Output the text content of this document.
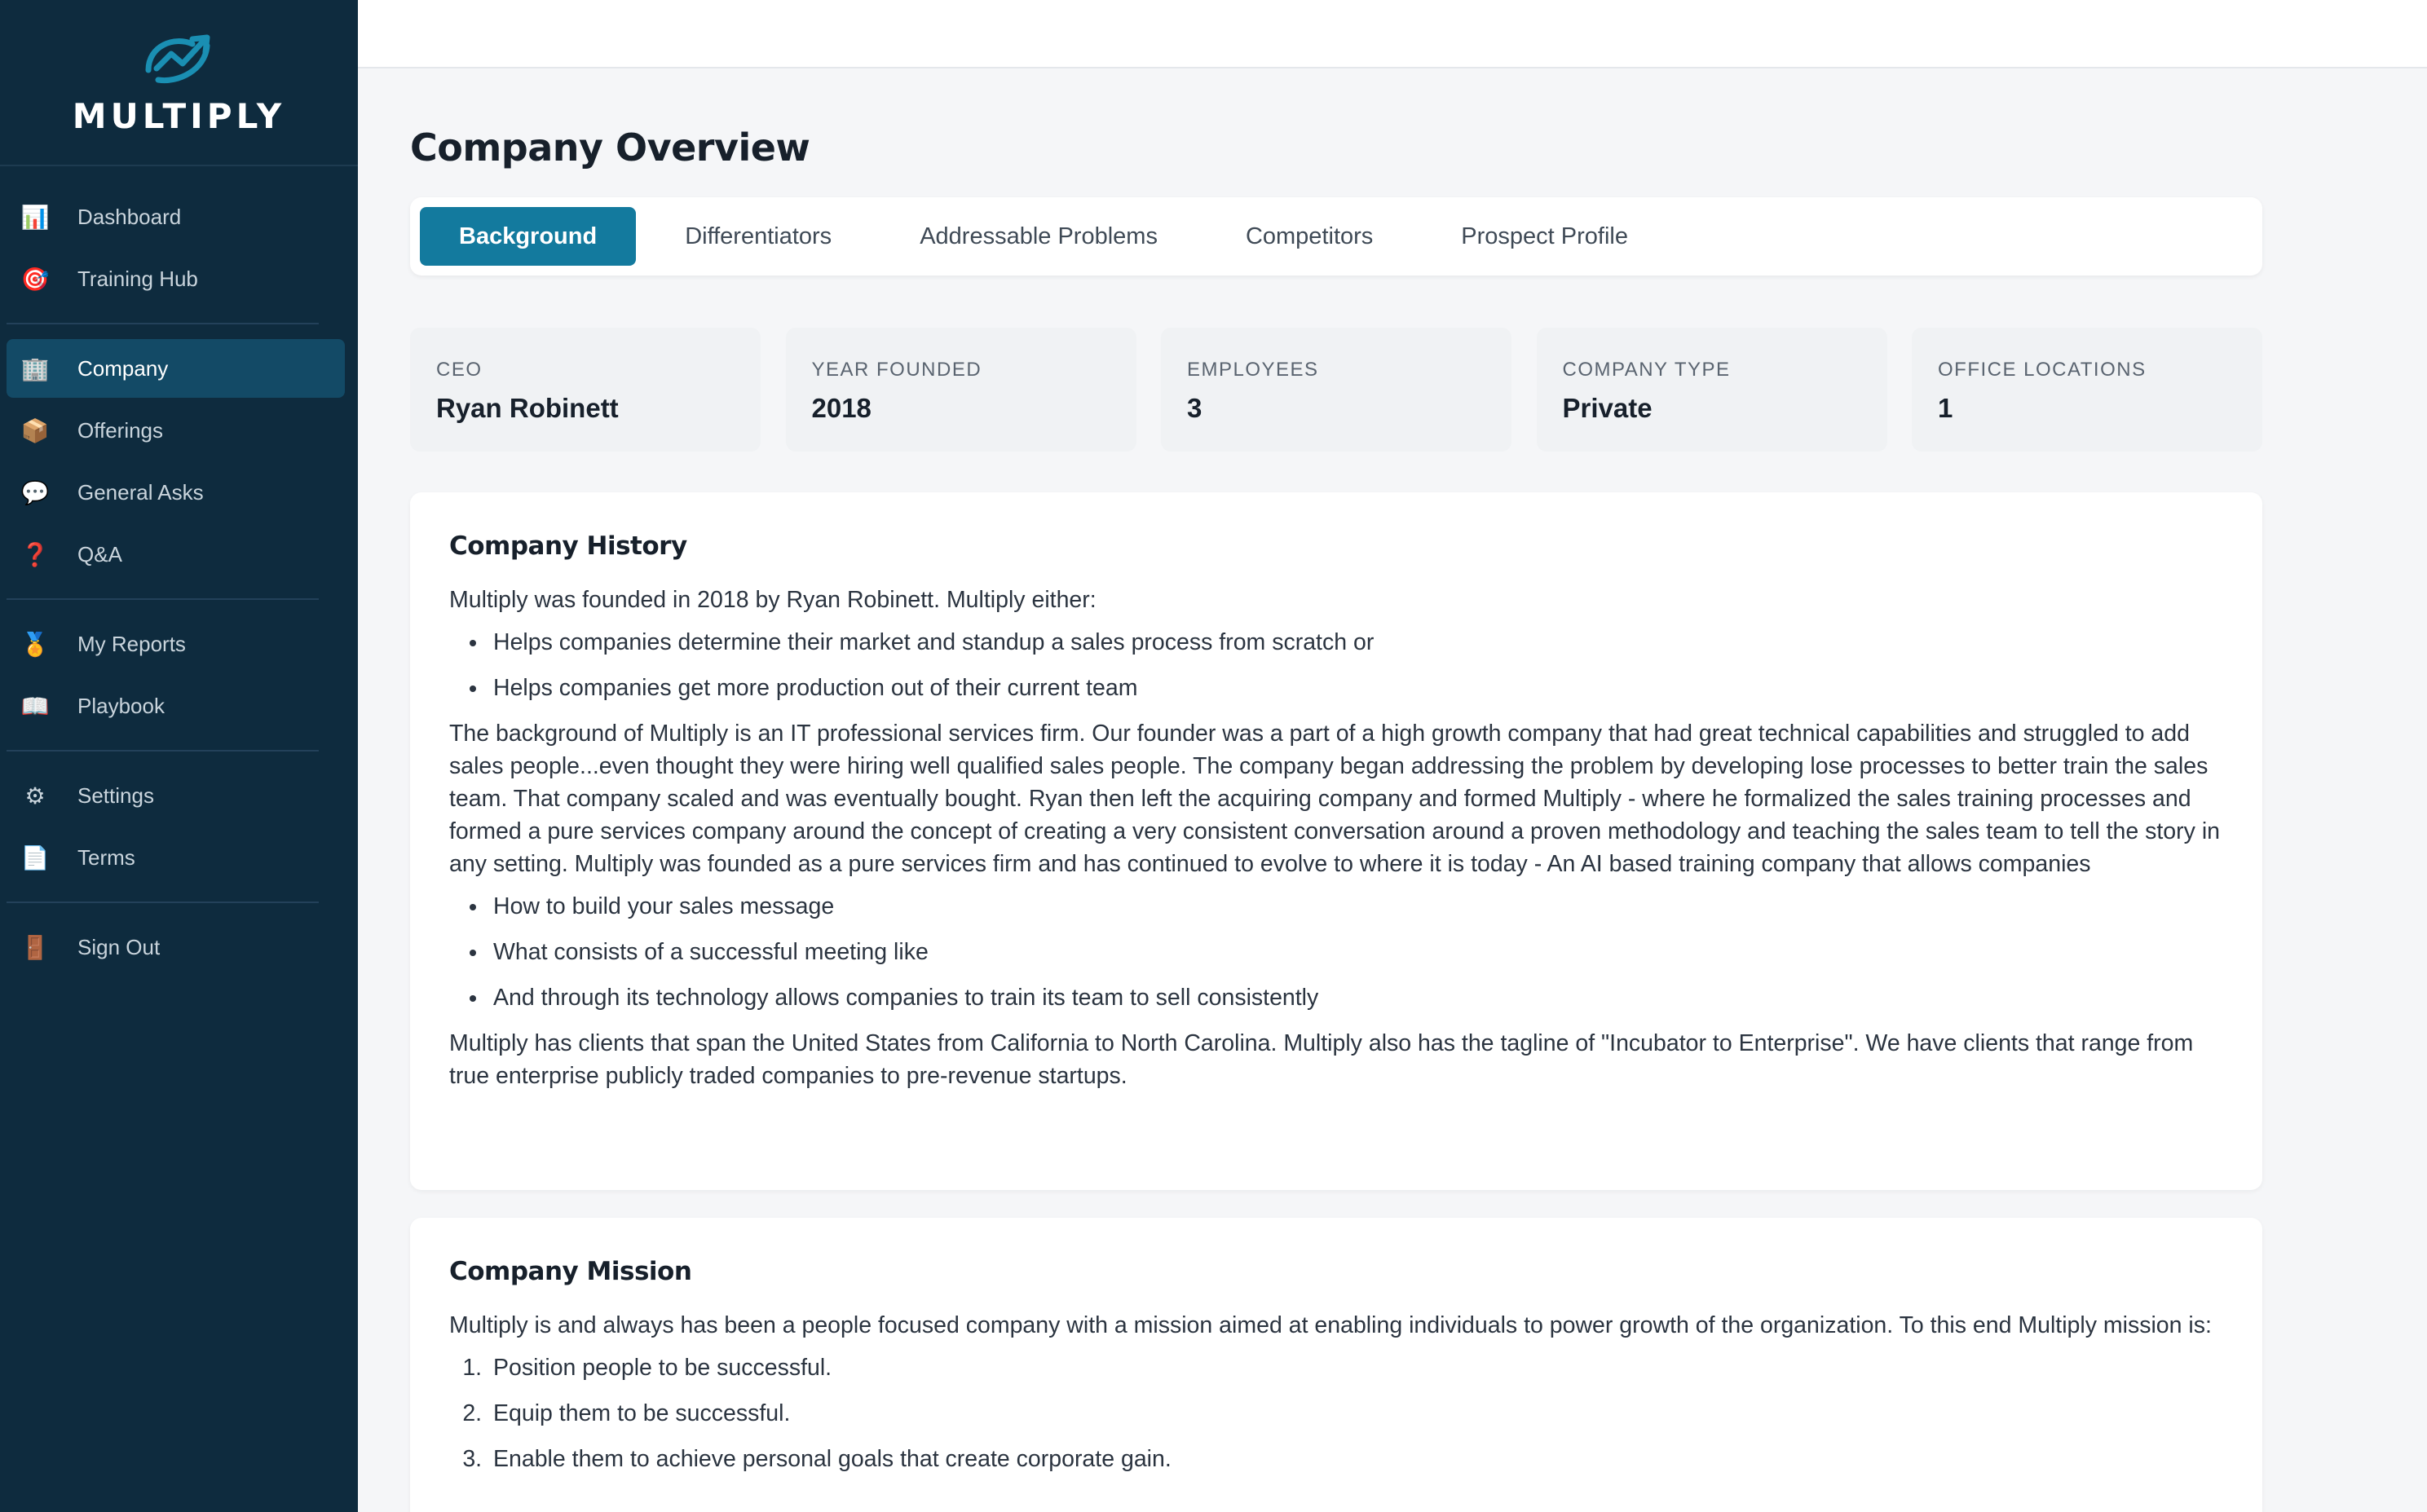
MULTIPLY
📊 Dashboard
🎯 Training Hub
🏢 Company
📦 Offerings
💬 General Asks
❓ Q&A
🏅 My Reports
📖 Playbook
⚙ Settings
📄 Terms
🚪 Sign Out
Company Overview
Background	Differentiators	Addressable Problems	Competitors	Prospect Profile
CEO
Ryan Robinett
YEAR FOUNDED
2018
EMPLOYEES
3
COMPANY TYPE
Private
OFFICE LOCATIONS
1
Company History

Multiply was founded in 2018 by Ryan Robinett. Multiply either:

• Helps companies determine their market and standup a sales process from scratch or
• Helps companies get more production out of their current team

The background of Multiply is an IT professional services firm. Our founder was a part of a high growth company that had great technical capabilities and struggled to add sales people...even thought they were hiring well qualified sales people. The company began addressing the problem by developing lose processes to better train the sales team. That company scaled and was eventually bought. Ryan then left the acquiring company and formed Multiply - where he formalized the sales training processes and formed a pure services company around the concept of creating a very consistent conversation around a proven methodology and teaching the sales team to tell the story in any setting. Multiply was founded as a pure services firm and has continued to evolve to where it is today - An AI based training company that allows companies

• How to build your sales message
• What consists of a successful meeting like
• And through its technology allows companies to train its team to sell consistently

Multiply has clients that span the United States from California to North Carolina. Multiply also has the tagline of "Incubator to Enterprise". We have clients that range from true enterprise publicly traded companies to pre-revenue startups.

Company Mission

Multiply is and always has been a people focused company with a mission aimed at enabling individuals to power growth of the organization. To this end Multiply mission is:

1. Position people to be successful.
2. Equip them to be successful.
3. Enable them to achieve personal goals that create corporate gain.
